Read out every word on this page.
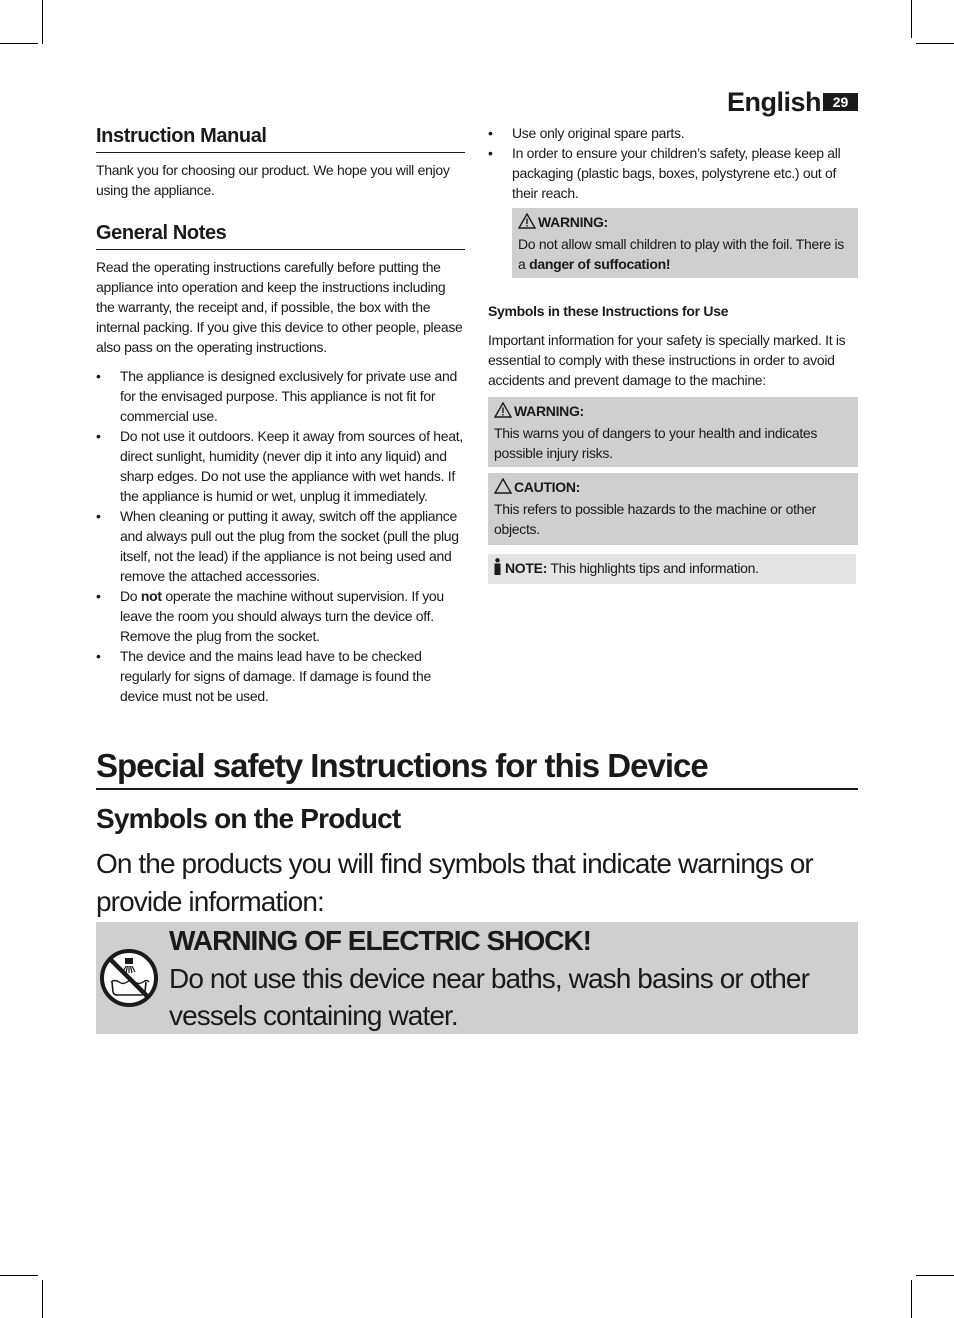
English 29
Instruction Manual

Thank you for choosing our product. We hope you will enjoy using the appliance.

General Notes

Read the operating instructions carefully before putting the appliance into operation and keep the instructions including the warranty, the receipt and, if possible, the box with the internal packing. If you give this device to other people, please also pass on the operating instructions.

• The appliance is designed exclusively for private use and for the envisaged purpose. This appliance is not fit for commercial use.
• Do not use it outdoors. Keep it away from sources of heat, direct sunlight, humidity (never dip it into any liquid) and sharp edges. Do not use the appliance with wet hands. If the appliance is humid or wet, unplug it immediately.
• When cleaning or putting it away, switch off the appliance and always pull out the plug from the socket (pull the plug itself, not the lead) if the appliance is not being used and remove the attached accessories.
• Do not operate the machine without supervision. If you leave the room you should always turn the device off. Remove the plug from the socket.
• The device and the mains lead have to be checked regularly for signs of damage. If damage is found the device must not be used.
• Use only original spare parts.
• In order to ensure your children’s safety, please keep all packaging (plastic bags, boxes, polystyrene etc.) out of their reach.
WARNING:
Do not allow small children to play with the foil. There is a danger of suffocation!

Symbols in these Instructions for Use

Important information for your safety is specially marked. It is essential to comply with these instructions in order to avoid accidents and prevent damage to the machine:

WARNING:
This warns you of dangers to your health and indicates possible injury risks.
CAUTION:
This refers to possible hazards to the machine or other objects.
NOTE: This highlights tips and information.
Special safety Instructions for this Device
Symbols on the Product

On the products you will find symbols that indicate warnings or provide information:

WARNING OF ELECTRIC SHOCK!

Do not use this device near baths, wash basins or other vessels containing water.
